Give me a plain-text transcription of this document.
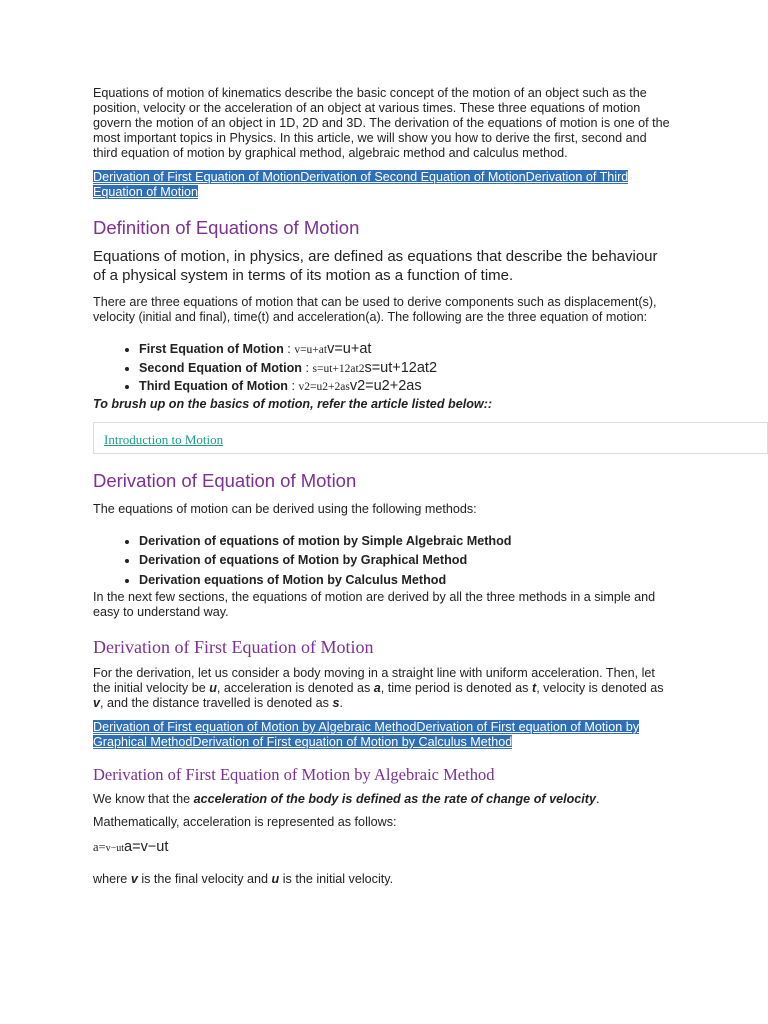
Equations of motion of kinematics describe the basic concept of the motion of an object such as the position, velocity or the acceleration of an object at various times. These three equations of motion govern the motion of an object in 1D, 2D and 3D. The derivation of the equations of motion is one of the most important topics in Physics. In this article, we will show you how to derive the first, second and third equation of motion by graphical method, algebraic method and calculus method.

Derivation of First Equation of MotionDerivation of Second Equation of MotionDerivation of Third Equation of Motion

Definition of Equations of Motion

Equations of motion, in physics, are defined as equations that describe the behaviour of a physical system in terms of its motion as a function of time.

There are three equations of motion that can be used to derive components such as displacement(s), velocity (initial and final), time(t) and acceleration(a). The following are the three equation of motion:

• First Equation of Motion : v=u+atv=u+at
• Second Equation of Motion : s=ut+12at2s=ut+12at2
• Third Equation of Motion : v2=u2+2asv2=u2+2as

To brush up on the basics of motion, refer the article listed below::

Introduction to Motion
Derivation of Equation of Motion

The equations of motion can be derived using the following methods:

• Derivation of equations of motion by Simple Algebraic Method
• Derivation of equations of Motion by Graphical Method
• Derivation equations of Motion by Calculus Method

In the next few sections, the equations of motion are derived by all the three methods in a simple and easy to understand way.

Derivation of First Equation of Motion

For the derivation, let us consider a body moving in a straight line with uniform acceleration. Then, let the initial velocity be u, acceleration is denoted as a, time period is denoted as t, velocity is denoted as v, and the distance travelled is denoted as s.

Derivation of First equation of Motion by Algebraic MethodDerivation of First equation of Motion by Graphical MethodDerivation of First equation of Motion by Calculus Method

Derivation of First Equation of Motion by Algebraic Method

We know that the acceleration of the body is defined as the rate of change of velocity.

Mathematically, acceleration is represented as follows:

a=v−uta=v−ut

where v is the final velocity and u is the initial velocity.
